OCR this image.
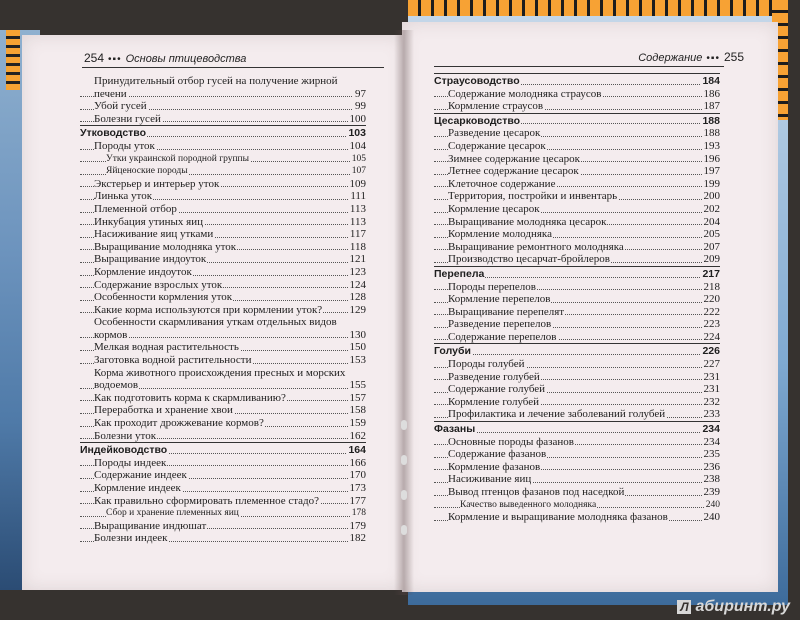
254 •▪• Основы птицеводства
Принудительный отбор гусей на получение жирной печени	97
Убой гусей	99
Болезни гусей	100
Утководство	103
Породы уток	104
Утки украинской породной группы	105
Яйценоские породы	107
Экстерьер и интерьер уток	109
Линька уток	111
Племенной отбор	113
Инкубация утиных яиц	113
Насиживание яиц утками	117
Выращивание молодняка уток	118
Выращивание индоуток	121
Кормление индоуток	123
Содержание взрослых уток	124
Особенности кормления уток	128
Какие корма используются при кормлении уток? 129
Особенности скармливания уткам отдельных видов кормов	130
Мелкая водная растительность	150
Заготовка водной растительности	153
Корма животного происхождения пресных и морских водоемов	155
Как подготовить корма к скармливанию?	157
Переработка и хранение хвои	158
Как проходит дрожжевание кормов?	159
Болезни уток	162
Индейководство	164
Породы индеек	166
Содержание индеек	170
Кормление индеек	173
Как правильно сформировать племенное стадо?	177
Сбор и хранение племенных яиц	178
Выращивание индюшат	179
Болезни индеек	182
Содержание •▪• 255
Страусоводство	184
Содержание молодняка страусов	186
Кормление страусов	187
Цесарководство	188
Разведение цесарок	188
Содержание цесарок	193
Зимнее содержание цесарок	196
Летнее содержание цесарок	197
Клеточное содержание	199
Территория, постройки и инвентарь	200
Кормление цесарок	202
Выращивание молодняка цесарок	204
Кормление молодняка	205
Выращивание ремонтного молодняка	207
Производство цесарчат-бройлеров	209
Перепела	217
Породы перепелов	218
Кормление перепелов	220
Выращивание перепелят	222
Разведение перепелов	223
Содержание перепелов	224
Голуби	226
Породы голубей	227
Разведение голубей	231
Содержание голубей	231
Кормление голубей	232
Профилактика и лечение заболеваний голубей	233
Фазаны	234
Основные породы фазанов	234
Содержание фазанов	235
Кормление фазанов	236
Насиживание яиц	238
Вывод птенцов фазанов под наседкой	239
Качество выведенного молодняка	240
Кормление и выращивание молодняка фазанов	240
Л абиринт.ру
